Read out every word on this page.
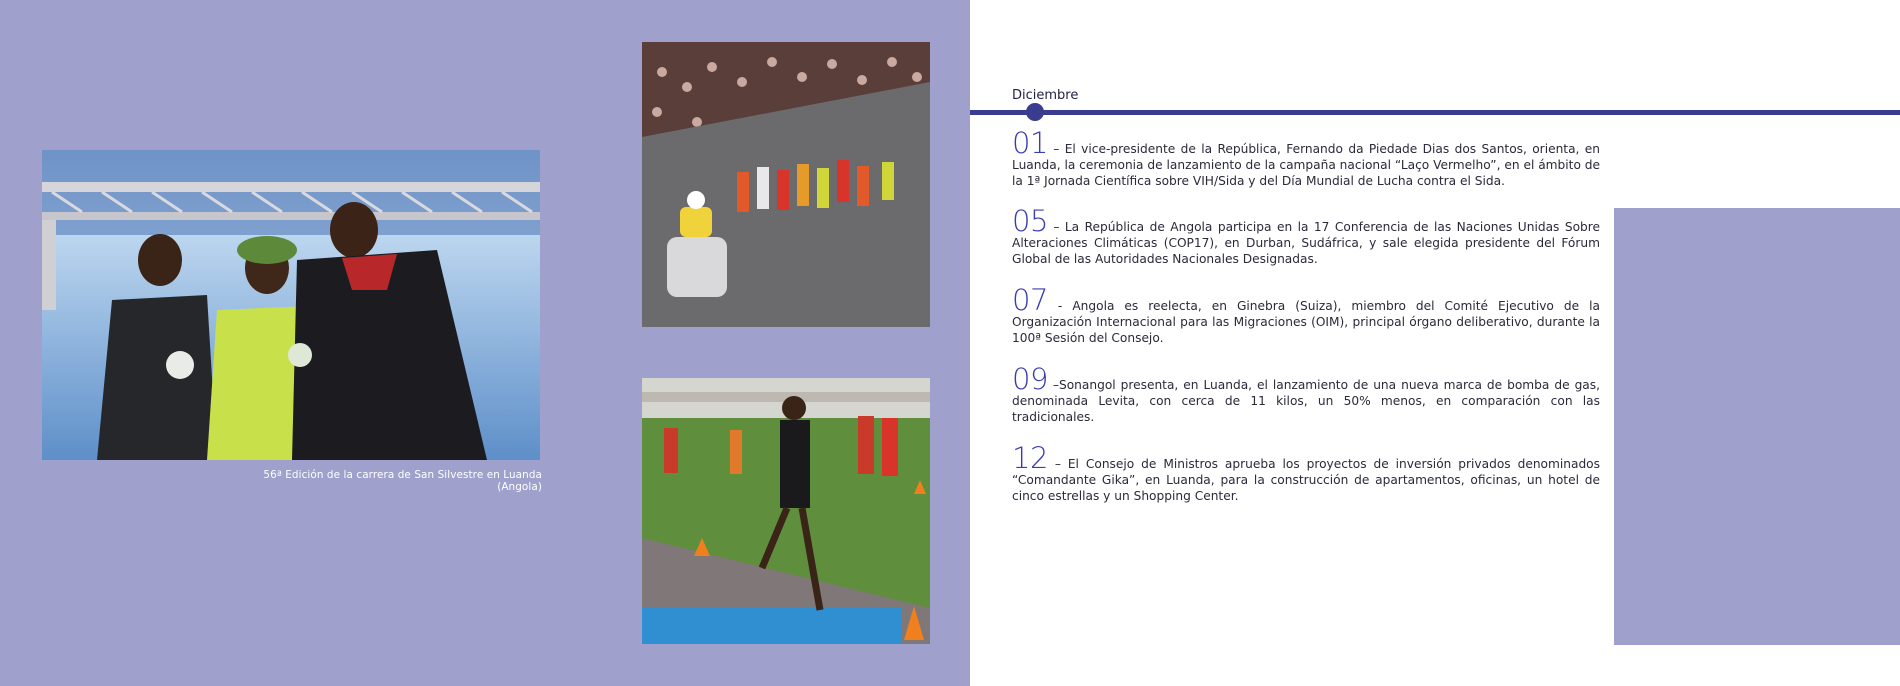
56ª Edición de la carrera de San Silvestre en Luanda (Angola)
Diciembre
01 – El vice-presidente de la República, Fernando da Piedade Dias dos Santos, orienta, en Luanda, la ceremonia de lanzamiento de la campaña nacional “Laço Vermelho”, en el ámbito de la 1ª Jornada Científica sobre VIH/Sida y del Día Mundial de Lucha contra el Sida.
05 – La República de Angola participa en la 17 Conferencia de las Naciones Unidas Sobre Alteraciones Climáticas (COP17), en Durban, Sudáfrica, y sale elegida presidente del Fórum Global de las Autoridades Nacionales Designadas.
07 - Angola es reelecta, en Ginebra (Suiza), miembro del Comité Ejecutivo de la Organización Internacional para las Migraciones (OIM), principal órgano deliberativo, durante la 100ª Sesión del Consejo.
09 –Sonangol presenta, en Luanda, el lanzamiento de una nueva marca de bomba de gas, denominada Levita, con cerca de 11 kilos, un 50% menos, en comparación con las tradicionales.
12 – El Consejo de Ministros aprueba los proyectos de inversión privados denominados “Comandante Gika”, en Luanda, para la construcción de apartamentos, oficinas, un hotel de cinco estrellas y un Shopping Center.
